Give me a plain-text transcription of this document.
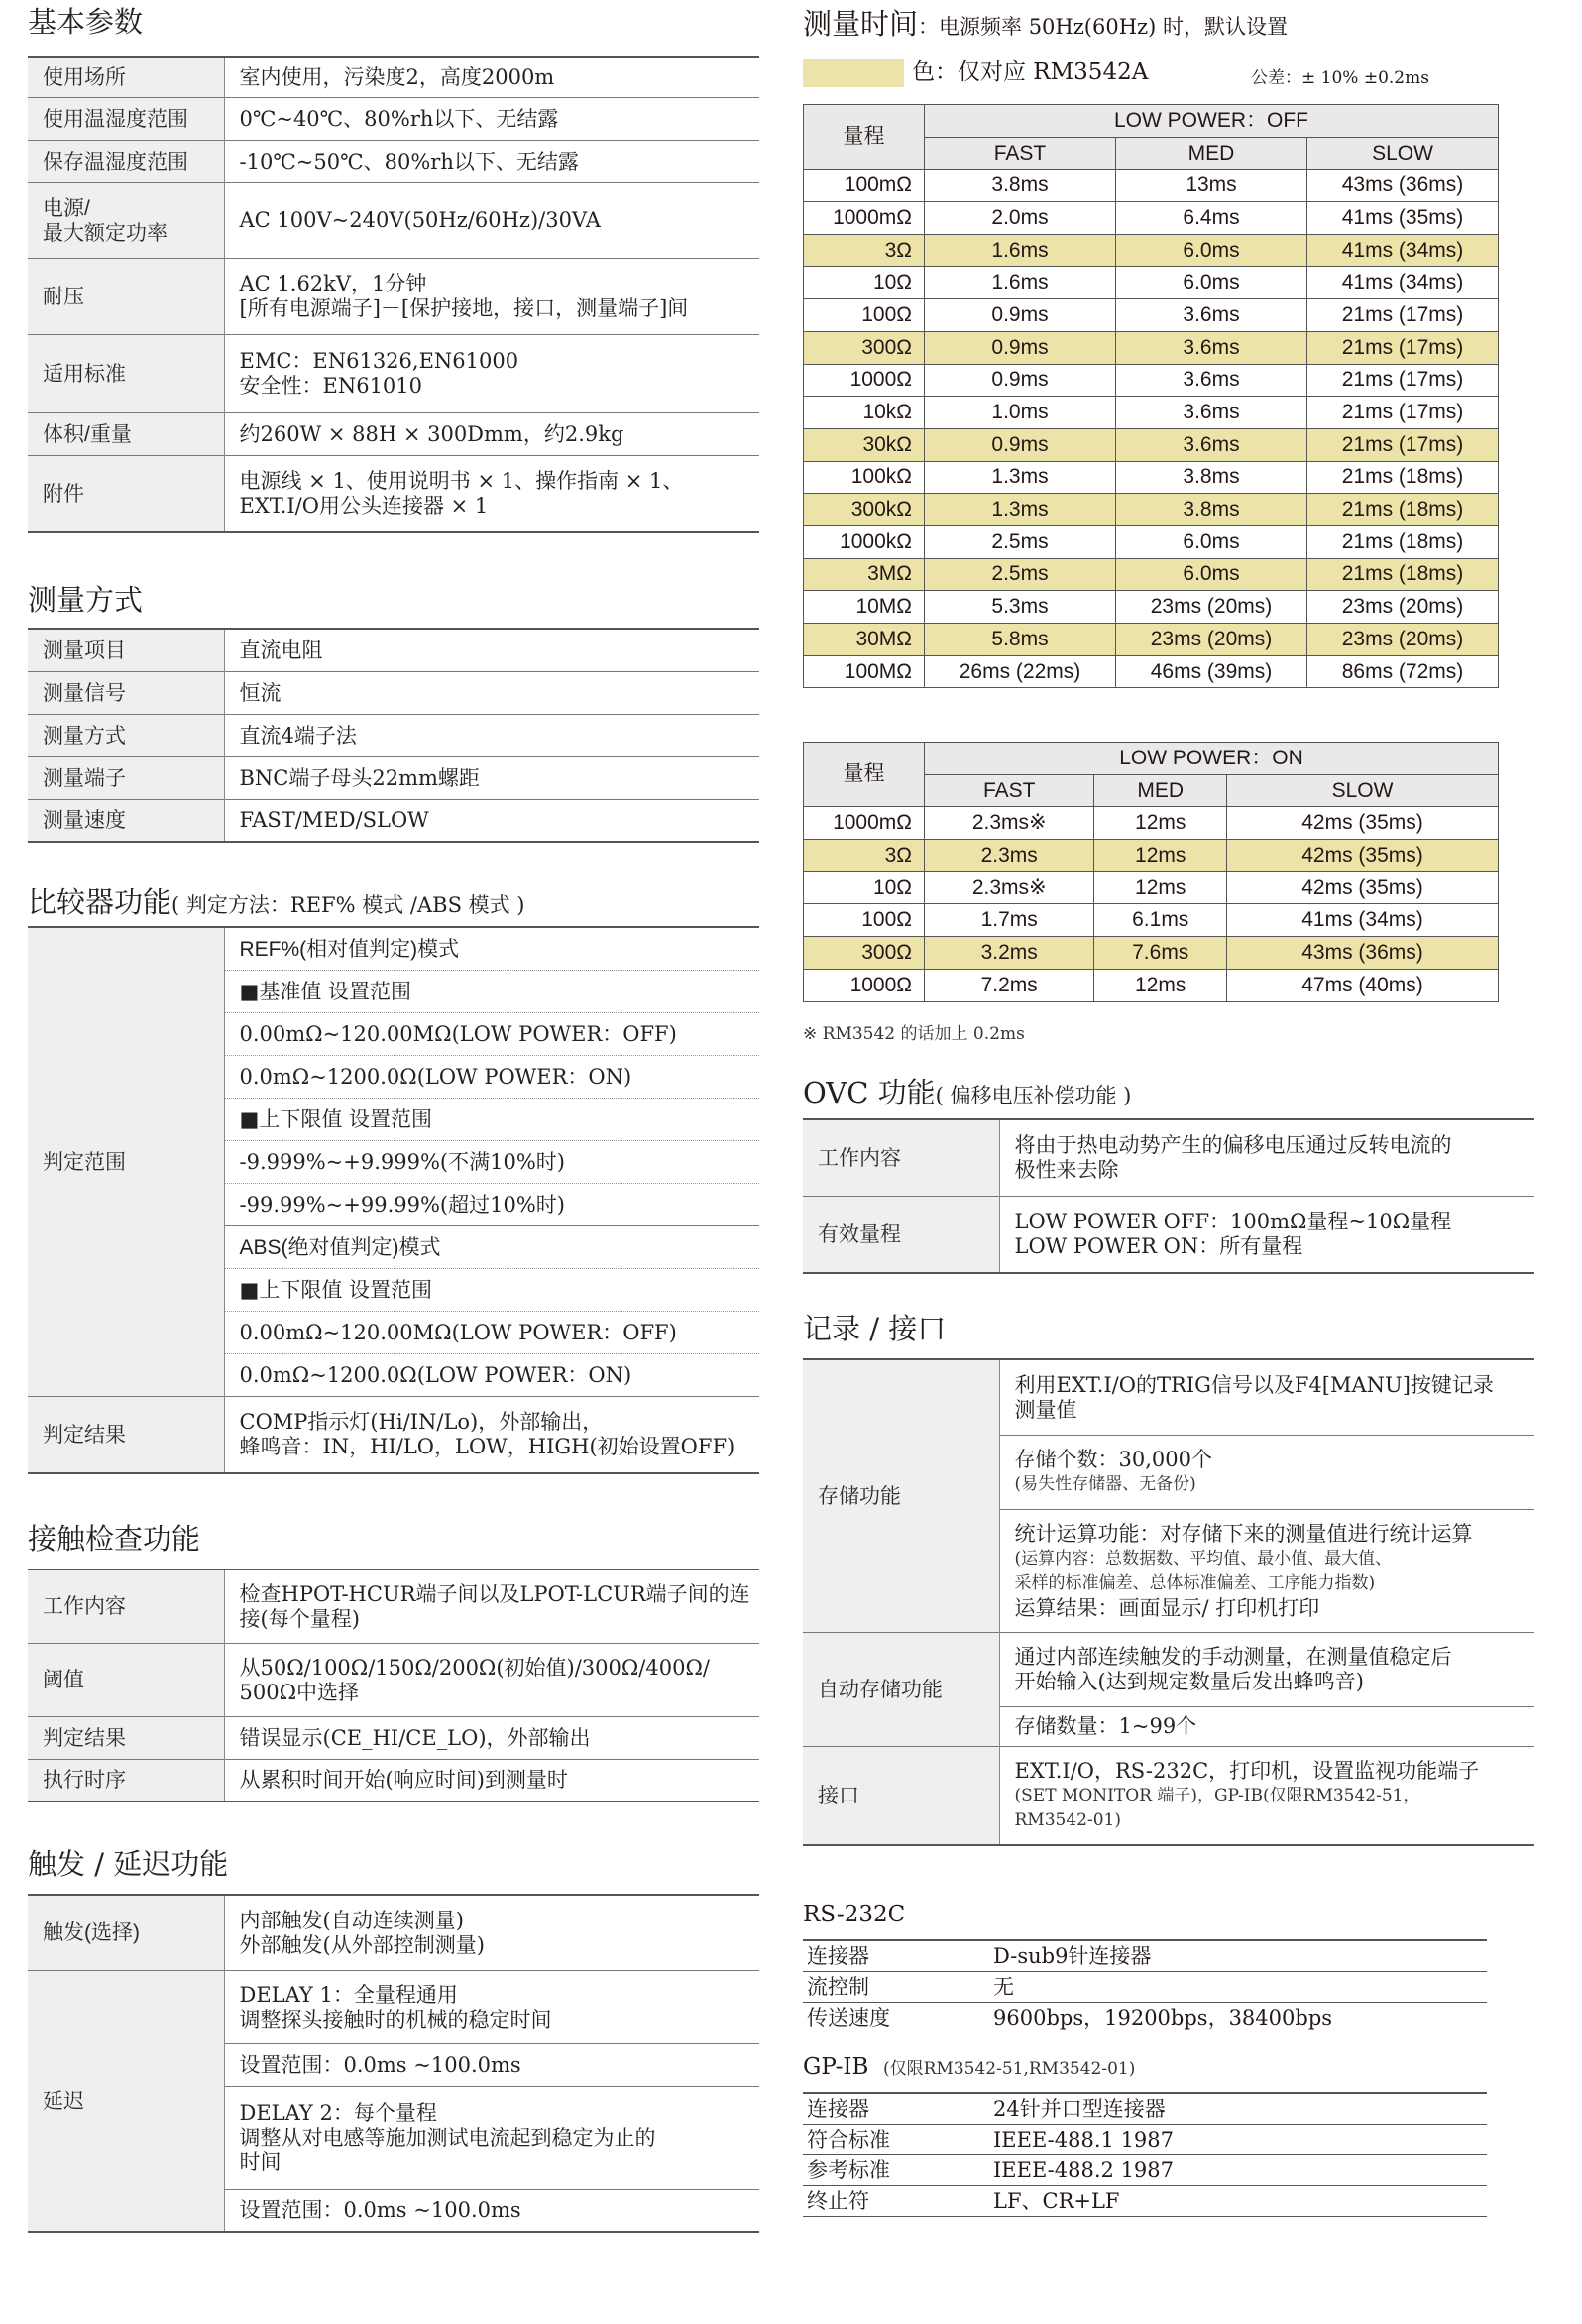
基本参数
使用场所	室内使用，污染度2，高度2000m
使用温湿度范围	0℃~40℃、80%rh以下、无结露
保存温湿度范围	-10℃~50℃、80%rh以下、无结露

电源/
最大额定功率	AC 100V~240V(50Hz/60Hz)/30VA
耐压	AC 1.62kV，1分钟
[所有电源端子]－[保护接地，接口，测量端子]间

适用标准	EMC：EN61326,EN61000
安全性：EN61010

体积/重量	约260W × 88H × 300Dmm，约2.9kg
附件	电源线 × 1、使用说明书 × 1、操作指南 × 1、
EXT.I/O用公头连接器 × 1
测量方式
测量项目	直流电阻
测量信号	恒流
测量方式	直流4端子法
测量端子	BNC端子母头22mm螺距
测量速度	FAST/MED/SLOW
比较器功能( 判定方法：REF% 模式 /ABS 模式 )
判定范围	REF%(相对值判定)模式
	■基准值 设置范围
	0.00mΩ~120.00MΩ(LOW POWER：OFF)
	0.0mΩ~1200.0Ω(LOW POWER：ON)
	■上下限值 设置范围
	-9.999%~+9.999%(不满10%时)
	-99.99%~+99.99%(超过10%时)
	ABS(绝对值判定)模式
	■上下限值 设置范围
	0.00mΩ~120.00MΩ(LOW POWER：OFF)
	0.0mΩ~1200.0Ω(LOW POWER：ON)
判定结果	COMP指示灯(Hi/IN/Lo)，外部输出，
蜂鸣音：IN，HI/LO，LOW，HIGH(初始设置OFF)
接触检查功能
工作内容	检查HPOT-HCUR端子间以及LPOT-LCUR端子间的连
接(每个量程)

阈值	从50Ω/100Ω/150Ω/200Ω(初始值)/300Ω/400Ω/
500Ω中选择

判定结果	错误显示(CE_HI/CE_LO)，外部输出
执行时序	从累积时间开始(响应时间)到测量时
触发 / 延迟功能
触发(选择)	内部触发(自动连续测量)
外部触发(从外部控制测量)

延迟	DELAY 1：全量程通用
调整探头接触时的机械的稳定时间

	设置范围：0.0ms ~100.0ms

	DELAY 2：每个量程
调整从对电感等施加测试电流起到稳定为止的
时间

	设置范围：0.0ms ~100.0ms
测量时间：电源频率 50Hz(60Hz) 时，默认设置
色：仅对应 RM3542A	公差：± 10% ±0.2ms
量程	LOW POWER：OFF		
	FAST	MED	SLOW
100mΩ	3.8ms	13ms	43ms (36ms)
1000mΩ	2.0ms	6.4ms	41ms (35ms)
3Ω	1.6ms	6.0ms	41ms (34ms)
10Ω	1.6ms	6.0ms	41ms (34ms)
100Ω	0.9ms	3.6ms	21ms (17ms)
300Ω	0.9ms	3.6ms	21ms (17ms)
1000Ω	0.9ms	3.6ms	21ms (17ms)
10kΩ	1.0ms	3.6ms	21ms (17ms)
30kΩ	0.9ms	3.6ms	21ms (17ms)
100kΩ	1.3ms	3.8ms	21ms (18ms)
300kΩ	1.3ms	3.8ms	21ms (18ms)
1000kΩ	2.5ms	6.0ms	21ms (18ms)
3MΩ	2.5ms	6.0ms	21ms (18ms)
10MΩ	5.3ms	23ms (20ms)	23ms (20ms)
30MΩ	5.8ms	23ms (20ms)	23ms (20ms)
100MΩ	26ms (22ms)	46ms (39ms)	86ms (72ms)
量程	LOW POWER：ON		
	FAST	MED	SLOW
1000mΩ	2.3ms※	12ms	42ms (35ms)
3Ω	2.3ms	12ms	42ms (35ms)
10Ω	2.3ms※	12ms	42ms (35ms)
100Ω	1.7ms	6.1ms	41ms (34ms)
300Ω	3.2ms	7.6ms	43ms (36ms)
1000Ω	7.2ms	12ms	47ms (40ms)
※ RM3542 的话加上 0.2ms
OVC 功能( 偏移电压补偿功能 )
工作内容	将由于热电动势产生的偏移电压通过反转电流的
极性来去除

有效量程	LOW POWER OFF：100mΩ量程~10Ω量程
LOW POWER ON：所有量程
记录 / 接口
存储功能	利用EXT.I/O的TRIG信号以及F4[MANU]按键记录
测量值

	存储个数：30,000个
(易失性存储器、无备份)

	统计运算功能：对存储下来的测量值进行统计运算
(运算内容：总数据数、平均值、最小值、最大值、
采样的标准偏差、总体标准偏差、工序能力指数)
运算结果：画面显示/ 打印机打印

自动存储功能	通过内部连续触发的手动测量，在测量值稳定后
开始输入(达到规定数量后发出蜂鸣音)

	存储数量：1~99个
接口	EXT.I/O，RS-232C，打印机，设置监视功能端子
(SET MONITOR 端子)，GP-IB(仅限RM3542-51，
RM3542-01)
RS-232C
连接器	D-sub9针连接器
流控制	无
传送速度	9600bps，19200bps，38400bps
GP-IB (仅限RM3542-51,RM3542-01)
连接器	24针并口型连接器
符合标准	IEEE-488.1 1987
参考标准	IEEE-488.2 1987
终止符	LF、CR+LF
